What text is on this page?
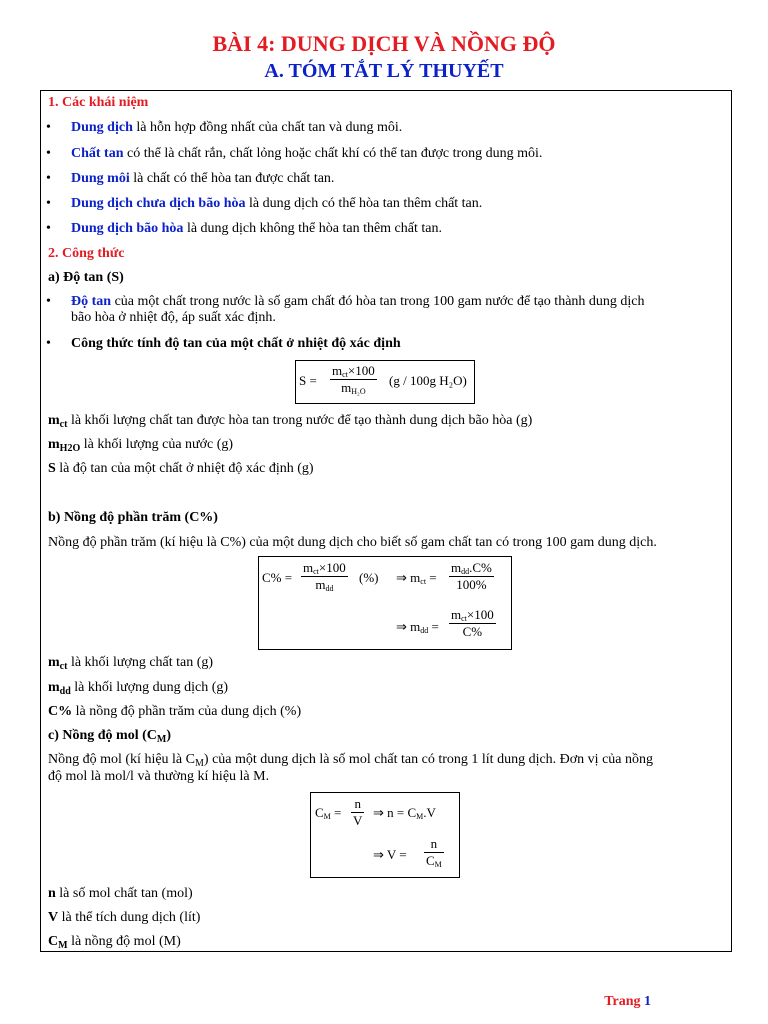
BÀI 4: DUNG DỊCH VÀ NỒNG ĐỘ
A. TÓM TẮT LÝ THUYẾT
1. Các khái niệm
• Dung dịch là hỗn hợp đồng nhất của chất tan và dung môi.
• Chất tan có thể là chất rắn, chất lỏng hoặc chất khí có thể tan được trong dung môi.
• Dung môi là chất có thể hòa tan được chất tan.
• Dung dịch chưa dịch bão hòa là dung dịch có thể hòa tan thêm chất tan.
• Dung dịch bão hòa là dung dịch không thể hòa tan thêm chất tan.
2. Công thức
a) Độ tan (S)
• Độ tan của một chất trong nước là số gam chất đó hòa tan trong 100 gam nước để tạo thành dung dịch
bão hòa ở nhiệt độ, áp suất xác định.
• Công thức tính độ tan của một chất ở nhiệt độ xác định
S =
mct×100
mH₂O
(g / 100g H₂O)
$m_{ct}$ là khối lượng chất tan được hòa tan trong nước để tạo thành dung dịch bão hòa (g)
$m_{H2O}$ là khối lượng của nước (g)
S là độ tan của một chất ở nhiệt độ xác định (g)
b) Nồng độ phần trăm (C%)
Nồng độ phần trăm (kí hiệu là C%) của một dung dịch cho biết số gam chất tan có trong 100 gam dung dịch.
C% =
mct×100
mdd
(%) ⇒ mct =
mdd.C%
100%
⇒ mdd =
mct×100
C%
$m_{ct}$ là khối lượng chất tan (g)
$m_{dd}$ là khối lượng dung dịch (g)
C% là nồng độ phần trăm của dung dịch (%)
c) Nồng độ mol $(C_M)$
Nồng độ mol (kí hiệu là $C_M$) của một dung dịch là số mol chất tan có trong 1 lít dung dịch. Đơn vị của nồng
độ mol là mol/l và thường kí hiệu là M.
CM = $\frac{n}{V}$ ⇒ n = CM.V
⇒ $V = \frac{n}{CM}$
n là số mol chất tan (mol)
V là thể tích dung dịch (lít)
$C_M$ là nồng độ mol (M)
Trang 1
